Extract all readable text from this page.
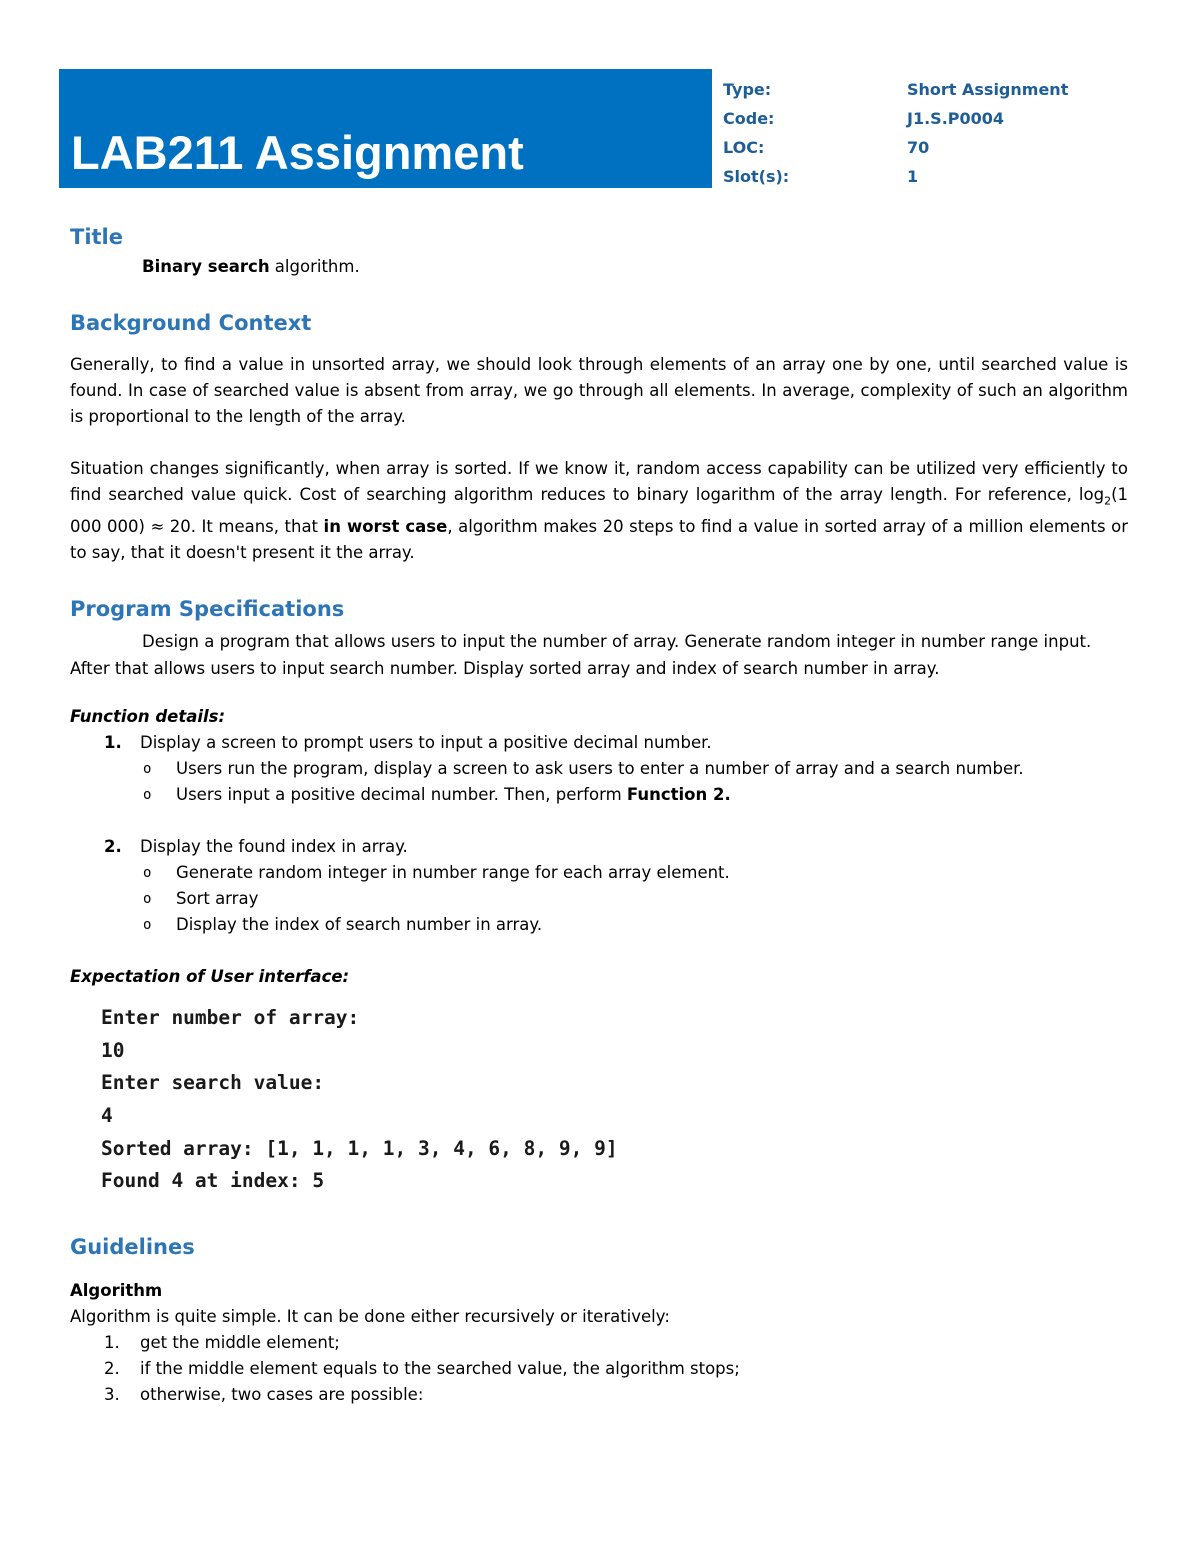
LAB211 Assignment
Type:	Short Assignment
Code:	J1.S.P0004
LOC:	70
Slot(s):	1
Title

Binary search algorithm.

Background Context

Generally, to find a value in unsorted array, we should look through elements of an array one by one, until searched value is found. In case of searched value is absent from array, we go through all elements. In average, complexity of such an algorithm is proportional to the length of the array.

Situation changes significantly, when array is sorted. If we know it, random access capability can be utilized very efficiently to find searched value quick. Cost of searching algorithm reduces to binary logarithm of the array length. For reference, $\log_2(1$ 000 000) ≈ 20. It means, that in worst case, algorithm makes 20 steps to find a value in sorted array of a million elements or to say, that it doesn't present it the array.

Program Specifications

Design a program that allows users to input the number of array. Generate random integer in number range input. After that allows users to input search number. Display sorted array and index of search number in array.

Function details:

1. Display a screen to prompt users to input a positive decimal number.
o Users run the program, display a screen to ask users to enter a number of array and a search number.
o Users input a positive decimal number. Then, perform Function 2.
2. Display the found index in array.
o Generate random integer in number range for each array element.
o Sort array
o Display the index of search number in array.

Expectation of User interface:

Enter number of array:
10
Enter search value:
4
Sorted array: [1, 1, 1, 1, 3, 4, 6, 8, 9, 9]
Found 4 at index: 5
Guidelines

Algorithm

Algorithm is quite simple. It can be done either recursively or iteratively:

1. get the middle element;
2. if the middle element equals to the searched value, the algorithm stops;
3. otherwise, two cases are possible:
